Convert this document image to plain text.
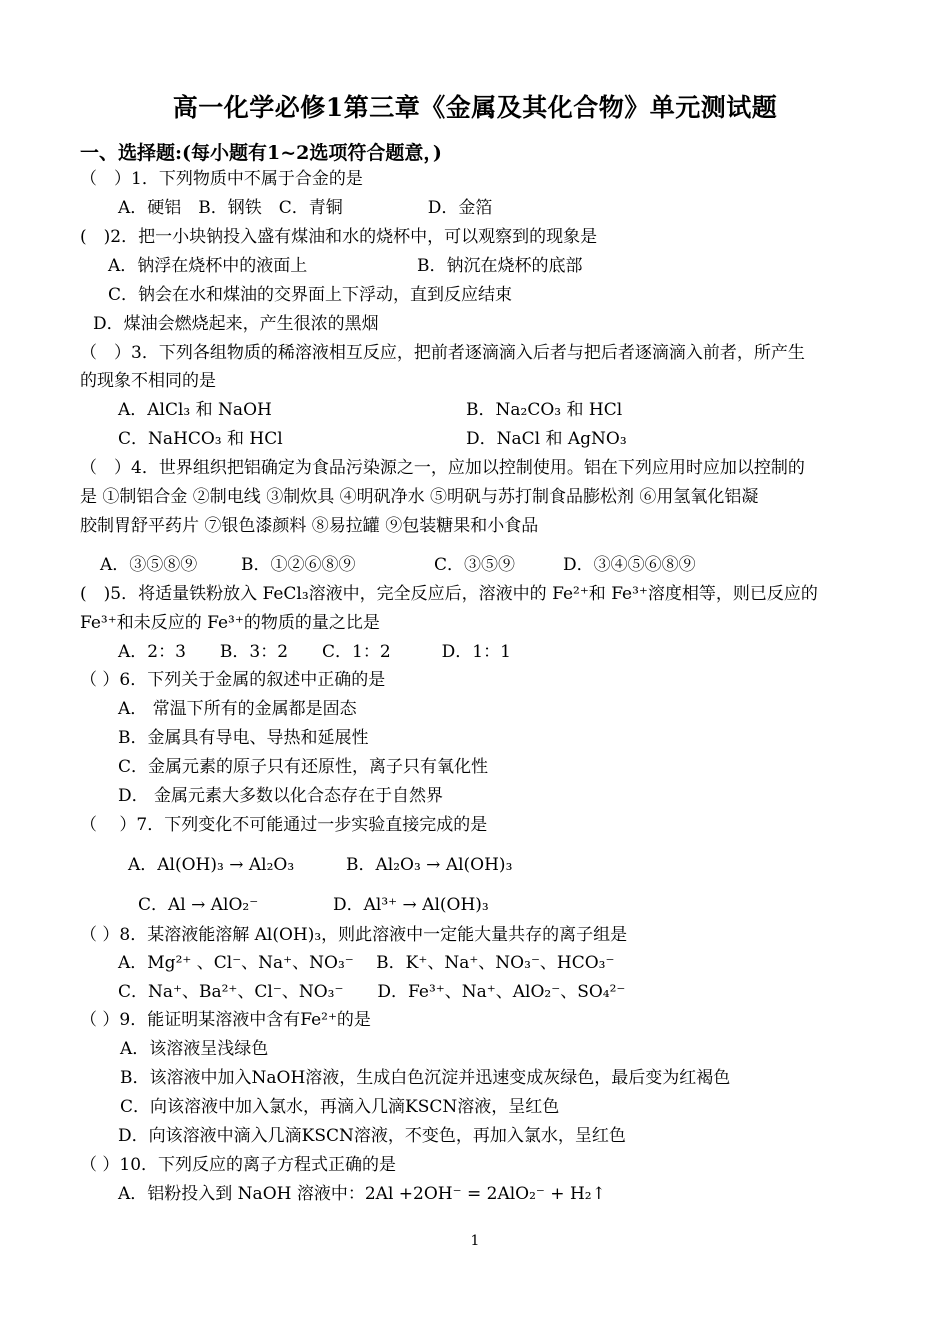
高一化学必修1第三章《金属及其化合物》单元测试题
一、选择题:(每小题有1~2选项符合题意，)
（　）1．下列物质中不属于合金的是
A．硬铝　B．钢铁　C．青铜　　　　　D．金箔
(　)2．把一小块钠投入盛有煤油和水的烧杯中，可以观察到的现象是
A．钠浮在烧杯中的液面上	B．钠沉在烧杯的底部
C．钠会在水和煤油的交界面上下浮动，直到反应结束
D．煤油会燃烧起来，产生很浓的黑烟
（　）3．下列各组物质的稀溶液相互反应，把前者逐滴滴入后者与把后者逐滴滴入前者，所产生
的现象不相同的是
A．AlCl₃ 和 NaOH	B．Na₂CO₃ 和 HCl
C．NaHCO₃ 和 HCl	D．NaCl 和 AgNO₃
（　）4．世界组织把铝确定为食品污染源之一，应加以控制使用。铝在下列应用时应加以控制的
是 ①制铝合金 ②制电线 ③制炊具 ④明矾净水 ⑤明矾与苏打制食品膨松剂 ⑥用氢氧化铝凝
胶制胃舒平药片 ⑦银色漆颜料 ⑧易拉罐 ⑨包装糖果和小食品
A．③⑤⑧⑨	B．①②⑥⑧⑨	C．③⑤⑨	D．③④⑤⑥⑧⑨
(　)5．将适量铁粉放入 FeCl₃溶液中，完全反应后，溶液中的 Fe²⁺和 Fe³⁺溶度相等，则已反应的
Fe³⁺和未反应的 Fe³⁺的物质的量之比是
A．2：3　　B．3：2　　C．1：2　　　D．1：1
（ ）6．下列关于金属的叙述中正确的是
A． 常温下所有的金属都是固态
B．金属具有导电、导热和延展性
C．金属元素的原子只有还原性，离子只有氧化性
D． 金属元素大多数以化合态存在于自然界
（　 ）7．下列变化不可能通过一步实验直接完成的是
A．Al(OH)₃ → Al₂O₃	B．Al₂O₃ → Al(OH)₃
C．Al → AlO₂⁻	D．Al³⁺ → Al(OH)₃
（ ）8．某溶液能溶解 Al(OH)₃，则此溶液中一定能大量共存的离子组是
A．Mg²⁺ 、Cl⁻、Na⁺、NO₃⁻　 B．K⁺、Na⁺、NO₃⁻、HCO₃⁻
C．Na⁺、Ba²⁺、Cl⁻、NO₃⁻　　D．Fe³⁺、Na⁺、AlO₂⁻、SO₄²⁻
（ ）9．能证明某溶液中含有Fe²⁺的是
A．该溶液呈浅绿色
B．该溶液中加入NaOH溶液，生成白色沉淀并迅速变成灰绿色，最后变为红褐色
C．向该溶液中加入氯水，再滴入几滴KSCN溶液，呈红色
D．向该溶液中滴入几滴KSCN溶液，不变色，再加入氯水，呈红色
（ ）10．下列反应的离子方程式正确的是
A．铝粉投入到 NaOH 溶液中：2Al +2OH⁻ = 2AlO₂⁻ + H₂↑
1
